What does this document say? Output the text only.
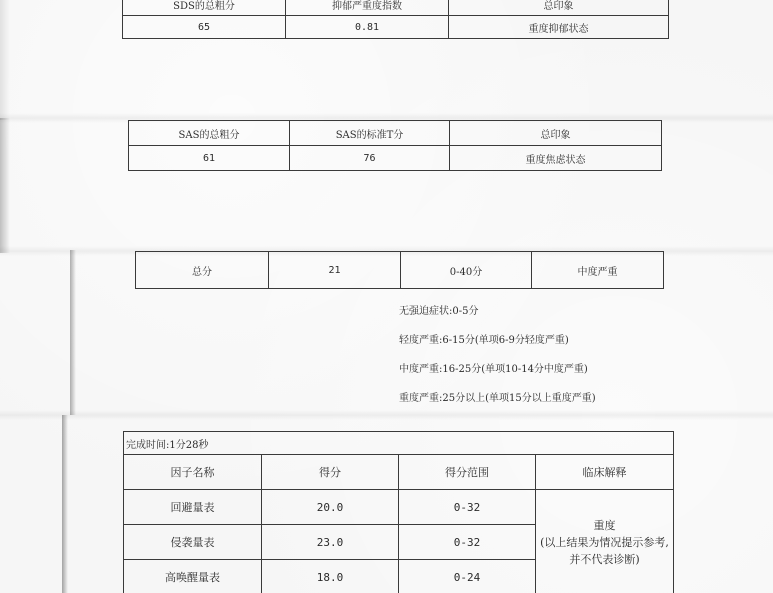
SDS的总粗分	抑郁严重度指数	总印象
65	0.81	重度抑郁状态
SAS的总粗分	SAS的标准T分	总印象
61	76	重度焦虑状态
总分	21	0-40分	中度严重
无强迫症状:0-5分
轻度严重:6-15分(单项6-9分轻度严重)
中度严重:16-25分(单项10-14分中度严重)
重度严重:25分以上(单项15分以上重度严重)
完成时间:1分28秒			
因子名称	得分	得分范围	临床解释
回避量表	20.0	0-32	重度
(以上结果为情况提示参考,并不代表诊断)

侵袭量表	23.0	0-32	
高唤醒量表	18.0	0-24	
